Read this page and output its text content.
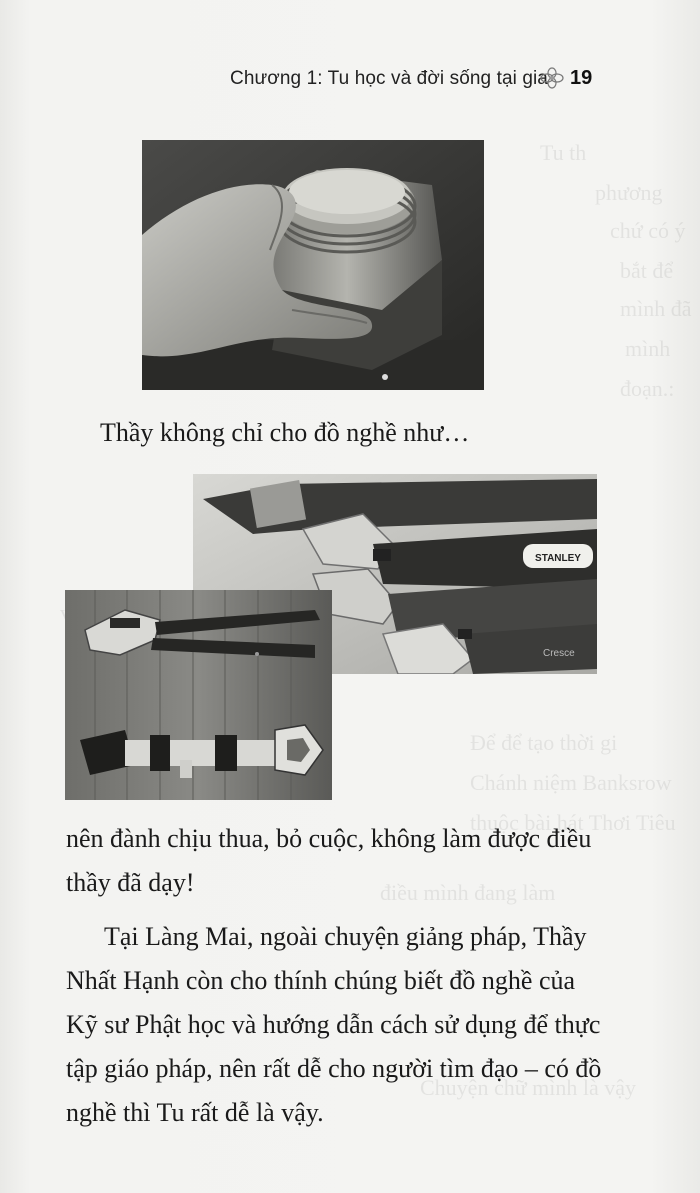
Tu th
phương
chứ có ý
bắt để
mình đã
mình
đoạn.:
Để để tạo thời gi
Chánh niệm Banksrow
thuộc bài hát Thơi Tiêu
điều mình đang làm
Chuyện chữ mình là vậy
Chương 1: Tu học và đời sống tại gia 19
Thầy không chỉ cho đồ nghề như…
STANLEY
Cresce
nên đành chịu thua, bỏ cuộc, không làm được điều
thầy đã dạy!
Tại Làng Mai, ngoài chuyện giảng pháp, Thầy
Nhất Hạnh còn cho thính chúng biết đồ nghề của
Kỹ sư Phật học và hướng dẫn cách sử dụng để thực
tập giáo pháp, nên rất dễ cho người tìm đạo – có đồ
nghề thì Tu rất dễ là vậy.
